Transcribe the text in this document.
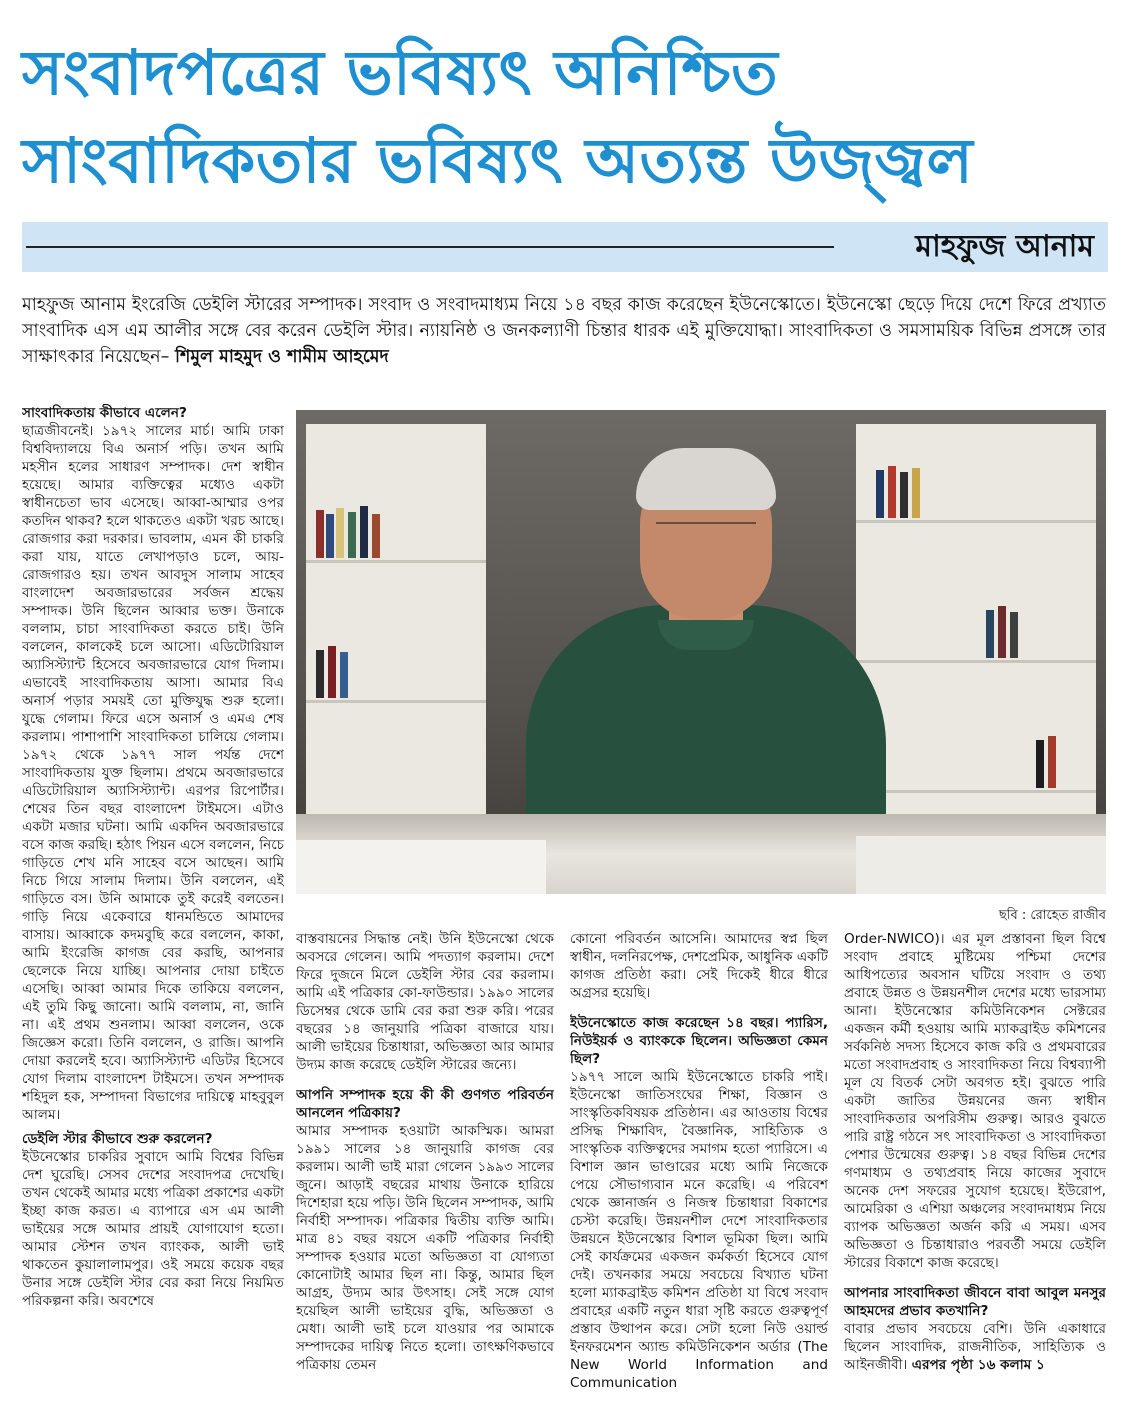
সংবাদপত্রের ভবিষ্যৎ অনিশ্চিত
সাংবাদিকতার ভবিষ্যৎ অত্যন্ত উজ্জ্বল
মাহফুজ আনাম
মাহফুজ আনাম ইংরেজি ডেইলি স্টারের সম্পাদক। সংবাদ ও সংবাদমাধ্যম নিয়ে ১৪ বছর কাজ করেছেন ইউনেস্কোতে। ইউনেস্কো ছেড়ে দিয়ে দেশে ফিরে প্রখ্যাত সাংবাদিক এস এম আলীর সঙ্গে বের করেন ডেইলি স্টার। ন্যায়নিষ্ঠ ও জনকল্যাণী চিন্তার ধারক এই মুক্তিযোদ্ধা। সাংবাদিকতা ও সমসাময়িক বিভিন্ন প্রসঙ্গে তার সাক্ষাৎকার নিয়েছেন– শিমুল মাহমুদ ও শামীম আহমেদ

সাংবাদিকতায় কীভাবে এলেন?

ছাত্রজীবনেই। ১৯৭২ সালের মার্চ। আমি ঢাকা বিশ্ববিদ্যালয়ে বিএ অনার্স পড়ি। তখন আমি মহসীন হলের সাধারণ সম্পাদক। দেশ স্বাধীন হয়েছে। আমার ব্যক্তিত্বের মধ্যেও একটা স্বাধীনচেতা ভাব এসেছে। আব্বা-আম্মার ওপর কতদিন থাকব? হলে থাকতেও একটা খরচ আছে। রোজগার করা দরকার। ভাবলাম, এমন কী চাকরি করা যায়, যাতে লেখাপড়াও চলে, আয়-রোজগারও হয়। তখন আবদুস সালাম সাহেব বাংলাদেশ অবজারভারের সর্বজন শ্রদ্ধেয় সম্পাদক। উনি ছিলেন আব্বার ভক্ত। উনাকে বললাম, চাচা সাংবাদিকতা করতে চাই। উনি বললেন, কালকেই চলে আসো। এডিটোরিয়াল অ্যাসিস্ট্যান্ট হিসেবে অবজারভারে যোগ দিলাম। এভাবেই সাংবাদিকতায় আসা। আমার বিএ অনার্স পড়ার সময়ই তো মুক্তিযুদ্ধ শুরু হলো। যুদ্ধে গেলাম। ফিরে এসে অনার্স ও এমএ শেষ করলাম। পাশাপাশি সাংবাদিকতা চালিয়ে গেলাম। ১৯৭২ থেকে ১৯৭৭ সাল পর্যন্ত দেশে সাংবাদিকতায় যুক্ত ছিলাম। প্রথমে অবজারভারে এডিটোরিয়াল অ্যাসিস্ট্যান্ট। এরপর রিপোর্টার। শেষের তিন বছর বাংলাদেশ টাইমসে। এটাও একটা মজার ঘটনা। আমি একদিন অবজারভারে বসে কাজ করছি। হঠাৎ পিয়ন এসে বললেন, নিচে গাড়িতে শেখ মনি সাহেব বসে আছেন। আমি নিচে গিয়ে সালাম দিলাম। উনি বললেন, এই গাড়িতে বস। উনি আমাকে তুই করেই বলতেন। গাড়ি নিয়ে একেবারে ধানমন্ডিতে আমাদের বাসায়। আব্বাকে কদমবুছি করে বললেন, কাকা, আমি ইংরেজি কাগজ বের করছি, আপনার ছেলেকে নিয়ে যাচ্ছি। আপনার দোয়া চাইতে এসেছি। আব্বা আমার দিকে তাকিয়ে বললেন, এই তুমি কিছু জানো। আমি বললাম, না, জানি না। এই প্রথম শুনলাম। আব্বা বললেন, ওকে জিজ্ঞেস করো। তিনি বললেন, ও রাজি। আপনি দোয়া করলেই হবে। অ্যাসিস্ট্যান্ট এডিটর হিসেবে যোগ দিলাম বাংলাদেশ টাইমসে। তখন সম্পাদক শহিদুল হক, সম্পাদনা বিভাগের দায়িত্বে মাহবুবুল আলম।

ডেইলি স্টার কীভাবে শুরু করলেন?

ইউনেস্কোর চাকরির সুবাদে আমি বিশ্বের বিভিন্ন দেশ ঘুরেছি। সেসব দেশের সংবাদপত্র দেখেছি। তখন থেকেই আমার মধ্যে পত্রিকা প্রকাশের একটা ইচ্ছা কাজ করত। এ ব্যাপারে এস এম আলী ভাইয়ের সঙ্গে আমার প্রায়ই যোগাযোগ হতো। আমার স্টেশন তখন ব্যাংকক, আলী ভাই থাকতেন কুয়ালালামপুর। ওই সময়ে কয়েক বছর উনার সঙ্গে ডেইলি স্টার বের করা নিয়ে নিয়মিত পরিকল্পনা করি। অবশেষে

ছবি : রোহেত রাজীব

বাস্তবায়নের সিদ্ধান্ত নেই। উনি ইউনেস্কো থেকে অবসরে গেলেন। আমি পদত্যাগ করলাম। দেশে ফিরে দুজনে মিলে ডেইলি স্টার বের করলাম। আমি এই পত্রিকার কো-ফাউন্ডার। ১৯৯০ সালের ডিসেম্বর থেকে ডামি বের করা শুরু করি। পরের বছরের ১৪ জানুয়ারি পত্রিকা বাজারে যায়। আলী ভাইয়ের চিন্তাধারা, অভিজ্ঞতা আর আমার উদ্যম কাজ করেছে ডেইলি স্টারের জন্যে।

আপনি সম্পাদক হয়ে কী কী গুণগত পরিবর্তন আনলেন পত্রিকায়?

আমার সম্পাদক হওয়াটা আকস্মিক। আমরা ১৯৯১ সালের ১৪ জানুয়ারি কাগজ বের করলাম। আলী ভাই মারা গেলেন ১৯৯৩ সালের জুনে। আড়াই বছরের মাথায় উনাকে হারিয়ে দিশেহারা হয়ে পড়ি। উনি ছিলেন সম্পাদক, আমি নির্বাহী সম্পাদক। পত্রিকার দ্বিতীয় ব্যক্তি আমি। মাত্র ৪১ বছর বয়সে একটি পত্রিকার নির্বাহী সম্পাদক হওয়ার মতো অভিজ্ঞতা বা যোগ্যতা কোনোটাই আমার ছিল না। কিন্তু, আমার ছিল আগ্রহ, উদ্যম আর উৎসাহ। সেই সঙ্গে যোগ হয়েছিল আলী ভাইয়ের বুদ্ধি, অভিজ্ঞতা ও মেধা। আলী ভাই চলে যাওয়ার পর আমাকে সম্পাদকের দায়িত্ব নিতে হলো। তাৎক্ষণিকভাবে পত্রিকায় তেমন

কোনো পরিবর্তন আসেনি। আমাদের স্বপ্ন ছিল স্বাধীন, দলনিরপেক্ষ, দেশপ্রেমিক, আধুনিক একটি কাগজ প্রতিষ্ঠা করা। সেই দিকেই ধীরে ধীরে অগ্রসর হয়েছি।

ইউনেস্কোতে কাজ করেছেন ১৪ বছর। প্যারিস, নিউইয়র্ক ও ব্যাংককে ছিলেন। অভিজ্ঞতা কেমন ছিল?

১৯৭৭ সালে আমি ইউনেস্কোতে চাকরি পাই। ইউনেস্কো জাতিসংঘের শিক্ষা, বিজ্ঞান ও সাংস্কৃতিকবিষয়ক প্রতিষ্ঠান। এর আওতায় বিশ্বের প্রসিদ্ধ শিক্ষাবিদ, বৈজ্ঞানিক, সাহিত্যিক ও সাংস্কৃতিক ব্যক্তিত্বদের সমাগম হতো প্যারিসে। এ বিশাল জ্ঞান ভাণ্ডারের মধ্যে আমি নিজেকে পেয়ে সৌভাগ্যবান মনে করেছি। এ পরিবেশ থেকে জ্ঞানার্জন ও নিজস্ব চিন্তাধারা বিকাশের চেস্টা করেছি। উন্নয়নশীল দেশে সাংবাদিকতার উন্নয়নে ইউনেস্কোর বিশাল ভূমিকা ছিল। আমি সেই কার্যক্রমের একজন কর্মকর্তা হিসেবে যোগ দেই। তখনকার সময়ে সবচেয়ে বিখ্যাত ঘটনা হলো ম্যাকব্রাইড কমিশন প্রতিষ্ঠা যা বিশ্বে সংবাদ প্রবাহের একটি নতুন ধারা সৃষ্টি করতে গুরুত্বপূর্ণ প্রস্তাব উত্থাপন করে। সেটা হলো নিউ ওয়ার্ল্ড ইনফরমেশন অ্যান্ড কমিউনিকেশন অর্ডার (The New World Information and Communication

Order-NWICO)। এর মূল প্রস্তাবনা ছিল বিশ্বে সংবাদ প্রবাহে মুষ্টিমেয় পশ্চিমা দেশের আধিপত্যের অবসান ঘটিয়ে সংবাদ ও তথ্য প্রবাহে উন্নত ও উন্নয়নশীল দেশের মধ্যে ভারসাম্য আনা। ইউনেস্কোর কমিউনিকেশন সেক্টরের একজন কর্মী হওয়ায় আমি ম্যাকব্রাইড কমিশনের সর্বকনিষ্ঠ সদস্য হিসেবে কাজ করি ও প্রথমবারের মতো সংবাদপ্রবাহ ও সাংবাদিকতা নিয়ে বিশ্বব্যাপী মূল যে বিতর্ক সেটা অবগত হই। বুঝতে পারি একটা জাতির উন্নয়নের জন্য স্বাধীন সাংবাদিকতার অপরিসীম গুরুত্ব। আরও বুঝতে পারি রাষ্ট্র গঠনে সৎ সাংবাদিকতা ও সাংবাদিকতা পেশার উন্মেষের গুরুত্ব। ১৪ বছর বিভিন্ন দেশের গণমাধ্যম ও তথ্যপ্রবাহ নিয়ে কাজের সুবাদে অনেক দেশ সফরের সুযোগ হয়েছে। ইউরোপ, আমেরিকা ও এশিয়া অঞ্চলের সংবাদমাধ্যম নিয়ে ব্যাপক অভিজ্ঞতা অর্জন করি এ সময়। এসব অভিজ্ঞতা ও চিন্তাধারাও পরবর্তী সময়ে ডেইলি স্টারের বিকাশে কাজ করেছে।

আপনার সাংবাদিকতা জীবনে বাবা আবুল মনসুর আহমদের প্রভাব কতখানি?

বাবার প্রভাব সবচেয়ে বেশি। উনি একাধারে ছিলেন সাংবাদিক, রাজনীতিক, সাহিত্যিক ও আইনজীবী। এরপর পৃষ্ঠা ১৬ কলাম ১
